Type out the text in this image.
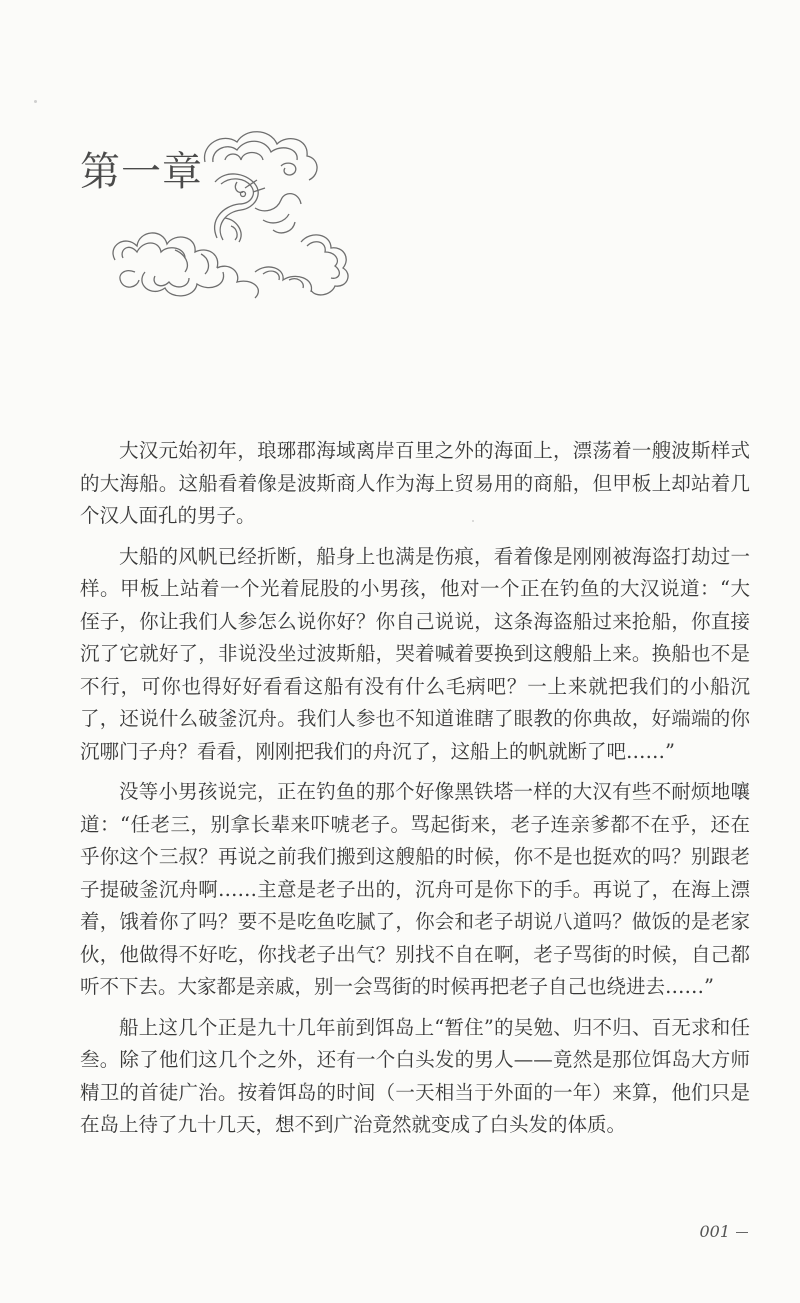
第一章

大汉元始初年，琅琊郡海域离岸百里之外的海面上，漂荡着一艘波斯样式的大海船。这船看着像是波斯商人作为海上贸易用的商船，但甲板上却站着几个汉人面孔的男子。

大船的风帆已经折断，船身上也满是伤痕，看着像是刚刚被海盗打劫过一样。甲板上站着一个光着屁股的小男孩，他对一个正在钓鱼的大汉说道：“大侄子，你让我们人参怎么说你好？你自己说说，这条海盗船过来抢船，你直接沉了它就好了，非说没坐过波斯船，哭着喊着要换到这艘船上来。换船也不是不行，可你也得好好看看这船有没有什么毛病吧？一上来就把我们的小船沉了，还说什么破釜沉舟。我们人参也不知道谁瞎了眼教的你典故，好端端的你沉哪门子舟？看看，刚刚把我们的舟沉了，这船上的帆就断了吧……”

没等小男孩说完，正在钓鱼的那个好像黑铁塔一样的大汉有些不耐烦地嚷道：“任老三，别拿长辈来吓唬老子。骂起街来，老子连亲爹都不在乎，还在乎你这个三叔？再说之前我们搬到这艘船的时候，你不是也挺欢的吗？别跟老子提破釜沉舟啊……主意是老子出的，沉舟可是你下的手。再说了，在海上漂着，饿着你了吗？要不是吃鱼吃腻了，你会和老子胡说八道吗？做饭的是老家伙，他做得不好吃，你找老子出气？别找不自在啊，老子骂街的时候，自己都听不下去。大家都是亲戚，别一会骂街的时候再把老子自己也绕进去……”

船上这几个正是九十几年前到饵岛上“暂住”的吴勉、归不归、百无求和任叁。除了他们这几个之外，还有一个白头发的男人——竟然是那位饵岛大方师精卫的首徒广治。按着饵岛的时间（一天相当于外面的一年）来算，他们只是在岛上待了九十几天，想不到广治竟然就变成了白头发的体质。

001
